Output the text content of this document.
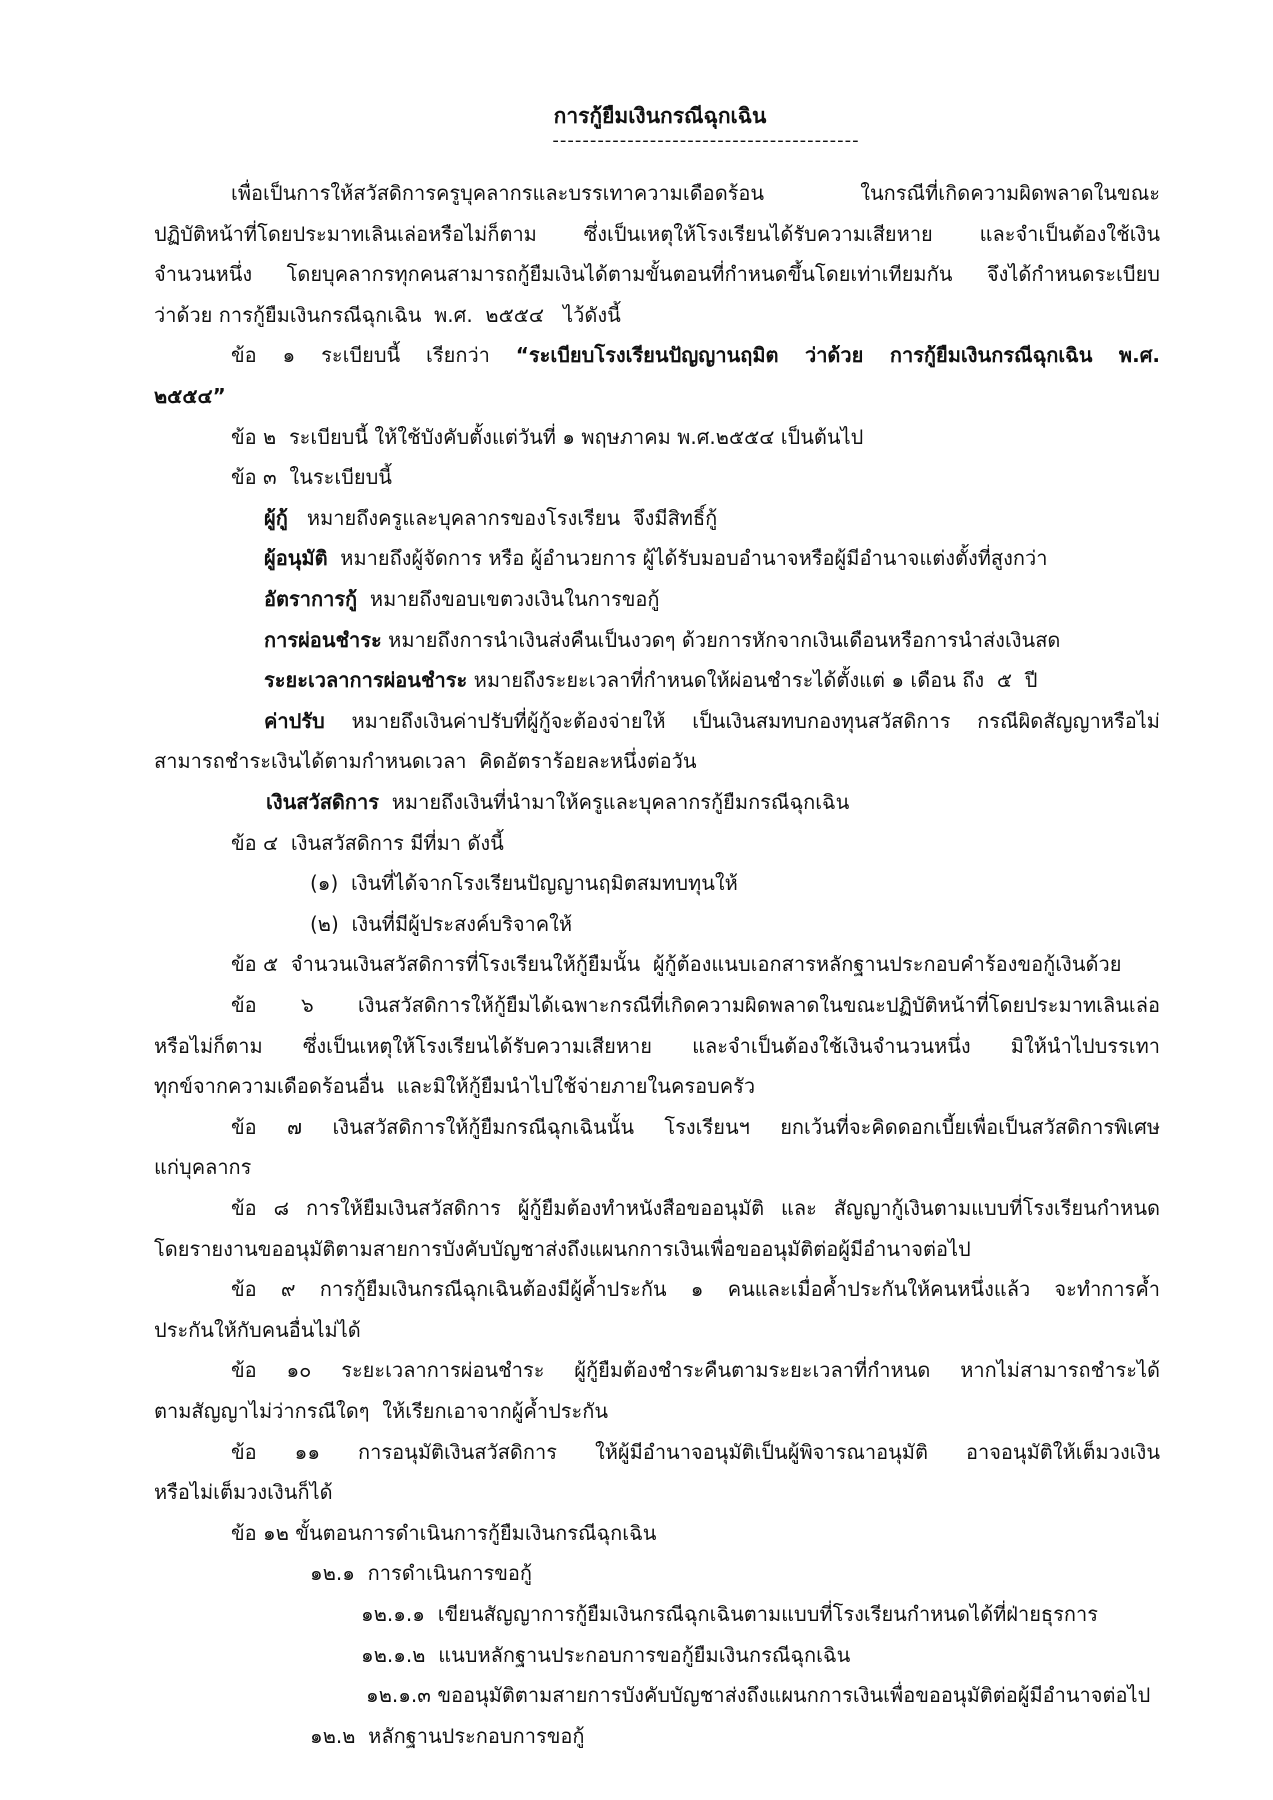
การกู้ยืมเงินกรณีฉุกเฉิน
-----------------------------------------
เพื่อเป็นการให้สวัสดิการครูบุคลากรและบรรเทาความเดือดร้อน ในกรณีที่เกิดความผิดพลาดในขณะ
ปฏิบัติหน้าที่โดยประมาทเลินเล่อหรือไม่ก็ตาม ซึ่งเป็นเหตุให้โรงเรียนได้รับความเสียหาย และจำเป็นต้องใช้เงิน
จำนวนหนึ่ง โดยบุคลากรทุกคนสามารถกู้ยืมเงินได้ตามขั้นตอนที่กำหนดขึ้นโดยเท่าเทียมกัน จึงได้กำหนดระเบียบ
ว่าด้วย การกู้ยืมเงินกรณีฉุกเฉิน  พ.ศ.  ๒๕๕๔   ไว้ดังนี้
ข้อ ๑ ระเบียบนี้ เรียกว่า “ระเบียบโรงเรียนปัญญานฤมิต ว่าด้วย การกู้ยืมเงินกรณีฉุกเฉิน พ.ศ.
๒๕๕๔”
ข้อ ๒  ระเบียบนี้ ให้ใช้บังคับตั้งแต่วันที่ ๑ พฤษภาคม พ.ศ.๒๕๕๔ เป็นต้นไป
ข้อ ๓  ในระเบียบนี้
ผู้กู้   หมายถึงครูและบุคลากรของโรงเรียน  จึงมีสิทธิ์กู้
ผู้อนุมัติ  หมายถึงผู้จัดการ หรือ ผู้อำนวยการ ผู้ได้รับมอบอำนาจหรือผู้มีอำนาจแต่งตั้งที่สูงกว่า
อัตราการกู้  หมายถึงขอบเขตวงเงินในการขอกู้
การผ่อนชำระ หมายถึงการนำเงินส่งคืนเป็นงวดๆ ด้วยการหักจากเงินเดือนหรือการนำส่งเงินสด
ระยะเวลาการผ่อนชำระ หมายถึงระยะเวลาที่กำหนดให้ผ่อนชำระได้ตั้งแต่ ๑ เดือน ถึง  ๕  ปี
ค่าปรับ หมายถึงเงินค่าปรับที่ผู้กู้จะต้องจ่ายให้ เป็นเงินสมทบกองทุนสวัสดิการ กรณีผิดสัญญาหรือไม่
สามารถชำระเงินได้ตามกำหนดเวลา  คิดอัตราร้อยละหนึ่งต่อวัน
เงินสวัสดิการ  หมายถึงเงินที่นำมาให้ครูและบุคลากรกู้ยืมกรณีฉุกเฉิน
ข้อ ๔  เงินสวัสดิการ มีที่มา ดังนี้
(๑)  เงินที่ได้จากโรงเรียนปัญญานฤมิตสมทบทุนให้
(๒)  เงินที่มีผู้ประสงค์บริจาคให้
ข้อ ๕  จำนวนเงินสวัสดิการที่โรงเรียนให้กู้ยืมนั้น  ผู้กู้ต้องแนบเอกสารหลักฐานประกอบคำร้องขอกู้เงินด้วย
ข้อ ๖ เงินสวัสดิการให้กู้ยืมได้เฉพาะกรณีที่เกิดความผิดพลาดในขณะปฏิบัติหน้าที่โดยประมาทเลินเล่อ
หรือไม่ก็ตาม ซึ่งเป็นเหตุให้โรงเรียนได้รับความเสียหาย และจำเป็นต้องใช้เงินจำนวนหนึ่ง มิให้นำไปบรรเทา
ทุกข์จากความเดือดร้อนอื่น  และมิให้กู้ยืมนำไปใช้จ่ายภายในครอบครัว
ข้อ ๗ เงินสวัสดิการให้กู้ยืมกรณีฉุกเฉินนั้น โรงเรียนฯ ยกเว้นที่จะคิดดอกเบี้ยเพื่อเป็นสวัสดิการพิเศษ
แก่บุคลากร
ข้อ ๘ การให้ยืมเงินสวัสดิการ ผู้กู้ยืมต้องทำหนังสือขออนุมัติ และ สัญญากู้เงินตามแบบที่โรงเรียนกำหนด
โดยรายงานขออนุมัติตามสายการบังคับบัญชาส่งถึงแผนกการเงินเพื่อขออนุมัติต่อผู้มีอำนาจต่อไป
ข้อ ๙ การกู้ยืมเงินกรณีฉุกเฉินต้องมีผู้ค้ำประกัน ๑ คนและเมื่อค้ำประกันให้คนหนึ่งแล้ว จะทำการค้ำ
ประกันให้กับคนอื่นไม่ได้
ข้อ ๑๐ ระยะเวลาการผ่อนชำระ ผู้กู้ยืมต้องชำระคืนตามระยะเวลาที่กำหนด หากไม่สามารถชำระได้
ตามสัญญาไม่ว่ากรณีใดๆ  ให้เรียกเอาจากผู้ค้ำประกัน
ข้อ ๑๑ การอนุมัติเงินสวัสดิการ ให้ผู้มีอำนาจอนุมัติเป็นผู้พิจารณาอนุมัติ อาจอนุมัติให้เต็มวงเงิน
หรือไม่เต็มวงเงินก็ได้
ข้อ ๑๒ ขั้นตอนการดำเนินการกู้ยืมเงินกรณีฉุกเฉิน
๑๒.๑  การดำเนินการขอกู้
๑๒.๑.๑  เขียนสัญญาการกู้ยืมเงินกรณีฉุกเฉินตามแบบที่โรงเรียนกำหนดได้ที่ฝ่ายธุรการ
๑๒.๑.๒  แนบหลักฐานประกอบการขอกู้ยืมเงินกรณีฉุกเฉิน
๑๒.๑.๓ ขออนุมัติตามสายการบังคับบัญชาส่งถึงแผนกการเงินเพื่อขออนุมัติต่อผู้มีอำนาจต่อไป
๑๒.๒  หลักฐานประกอบการขอกู้
